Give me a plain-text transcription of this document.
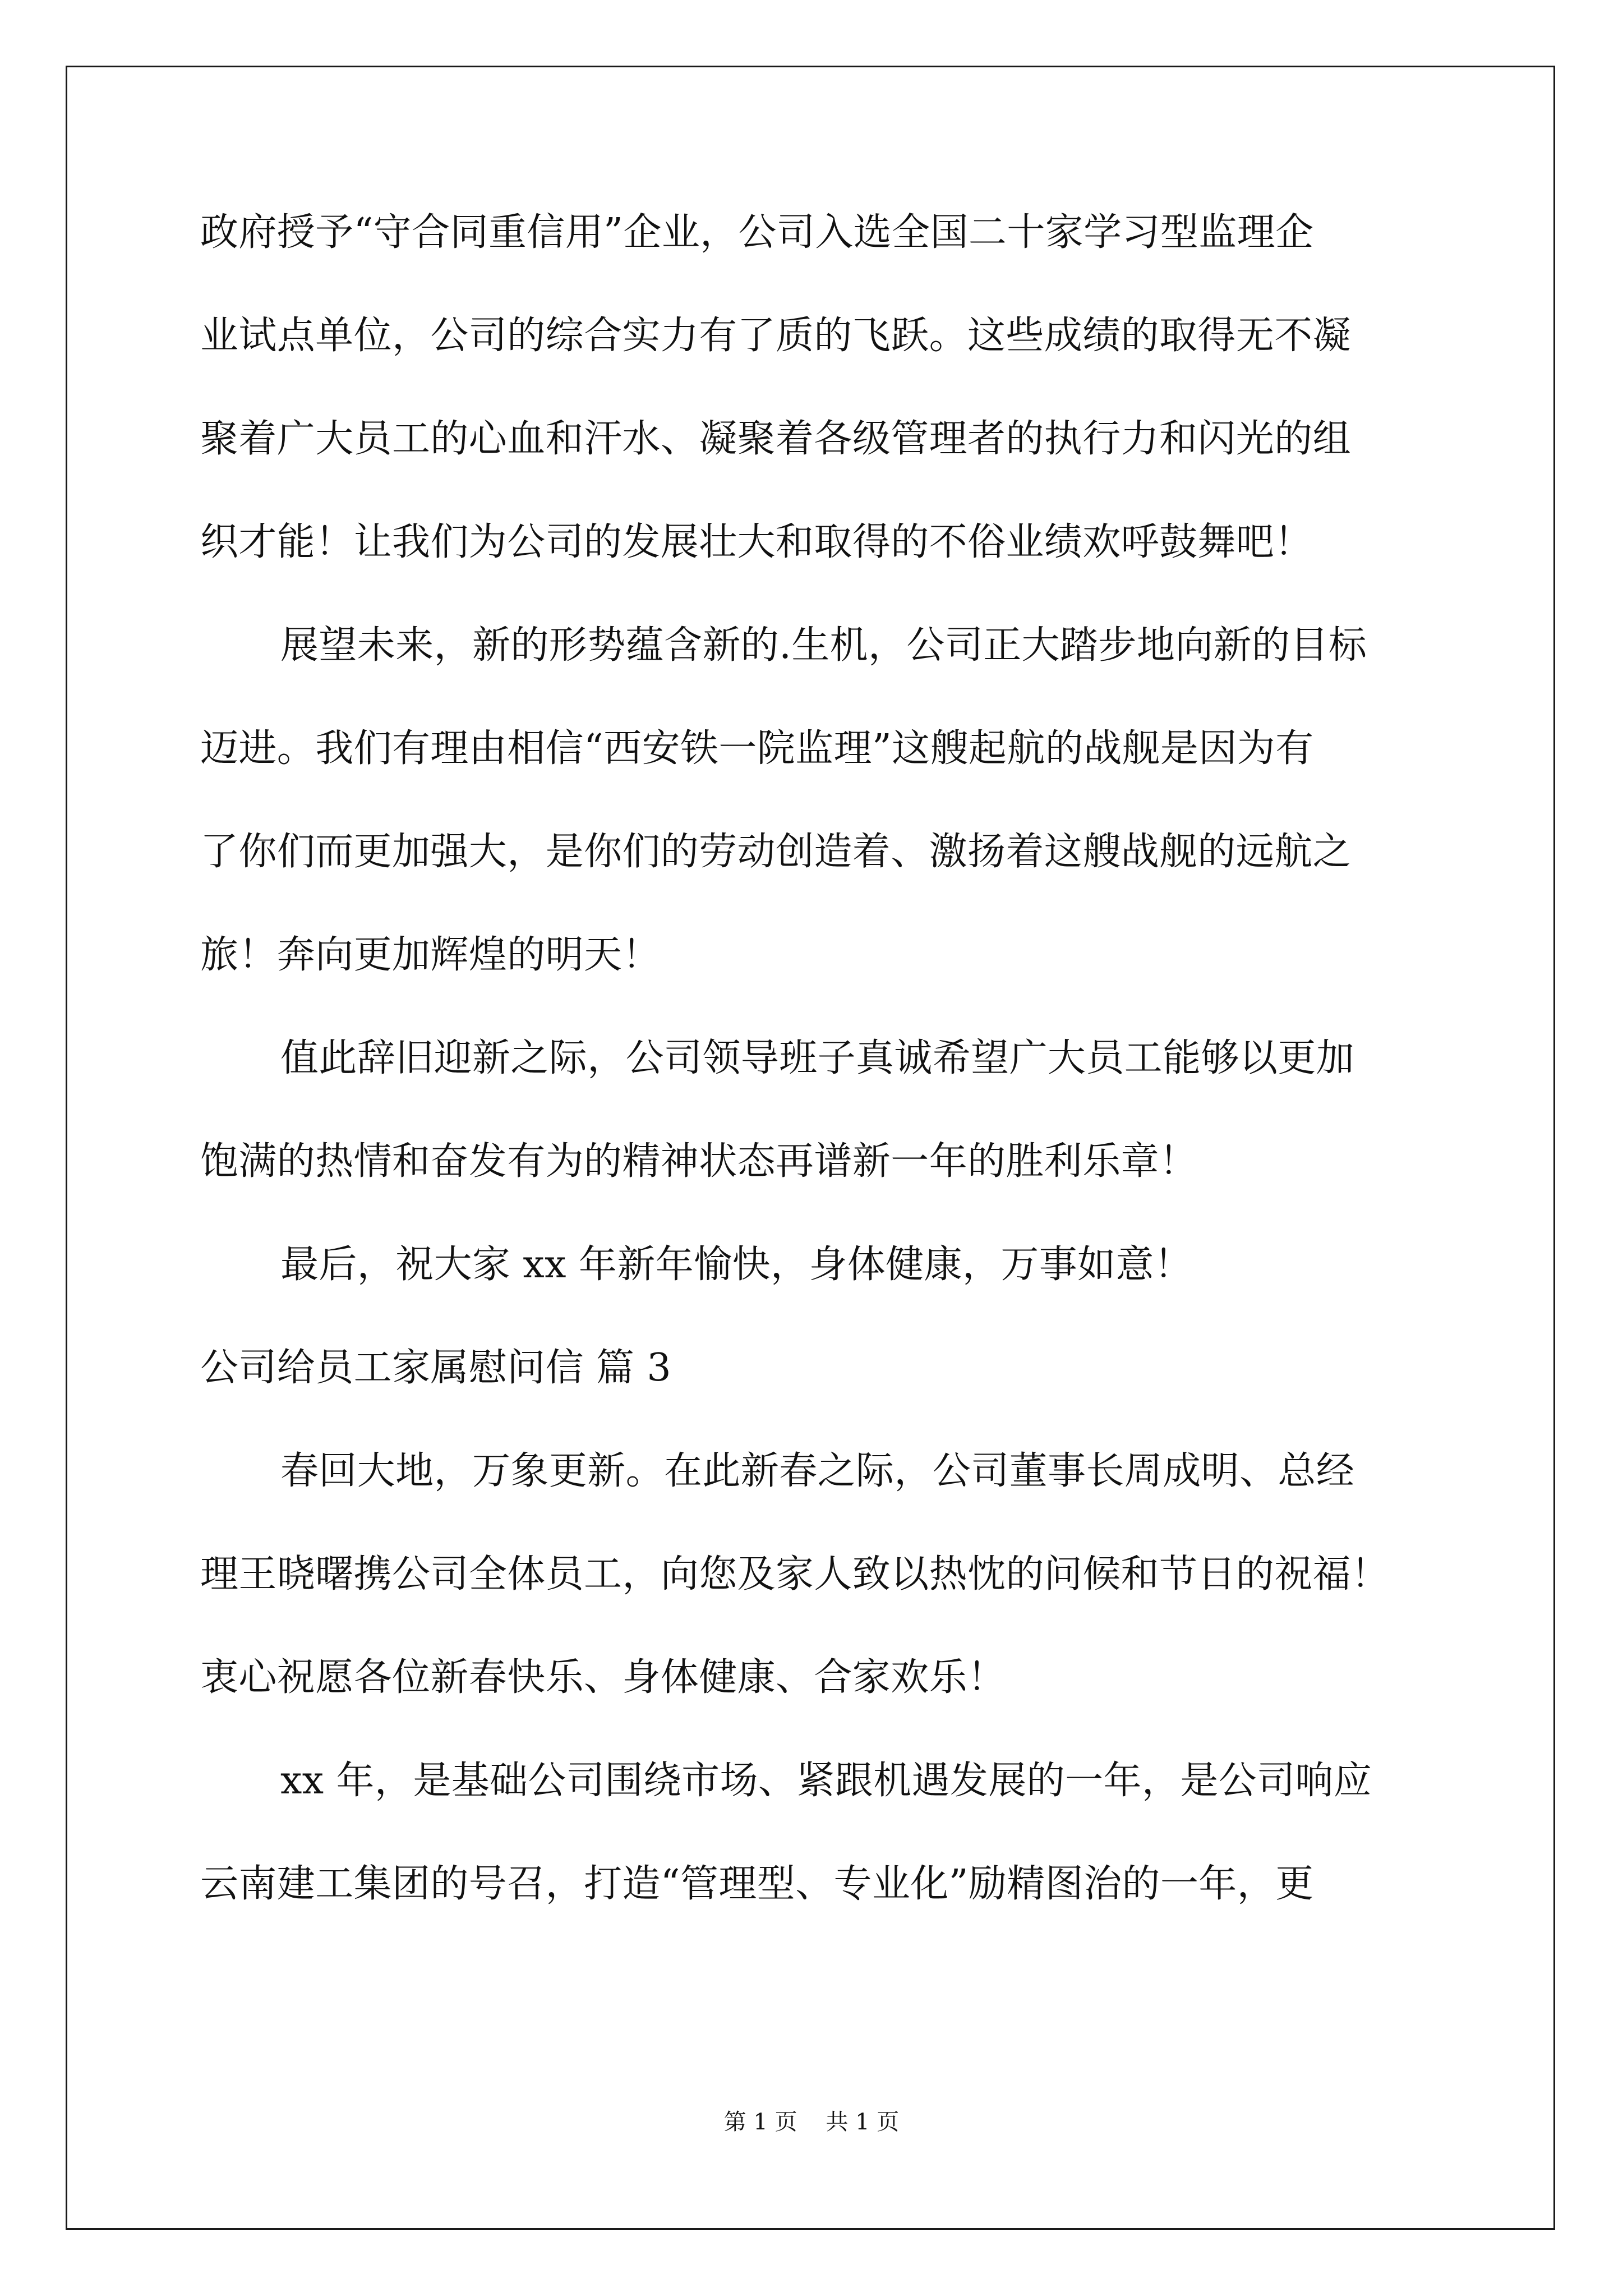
政府授予“守合同重信用”企业，公司入选全国二十家学习型监理企

业试点单位，公司的综合实力有了质的飞跃。这些成绩的取得无不凝

聚着广大员工的心血和汗水、凝聚着各级管理者的执行力和闪光的组

织才能！让我们为公司的发展壮大和取得的不俗业绩欢呼鼓舞吧！

展望未来，新的形势蕴含新的.生机，公司正大踏步地向新的目标

迈进。我们有理由相信“西安铁一院监理”这艘起航的战舰是因为有

了你们而更加强大，是你们的劳动创造着、激扬着这艘战舰的远航之

旅！奔向更加辉煌的明天！

值此辞旧迎新之际，公司领导班子真诚希望广大员工能够以更加

饱满的热情和奋发有为的精神状态再谱新一年的胜利乐章！

最后，祝大家 xx 年新年愉快，身体健康，万事如意！

公司给员工家属慰问信 篇 3

春回大地，万象更新。在此新春之际，公司董事长周成明、总经

理王晓曙携公司全体员工，向您及家人致以热忱的问候和节日的祝福！

衷心祝愿各位新春快乐、身体健康、合家欢乐！

xx 年，是基础公司围绕市场、紧跟机遇发展的一年，是公司响应

云南建工集团的号召，打造“管理型、专业化”励精图治的一年，更

第 1 页    共 1 页
